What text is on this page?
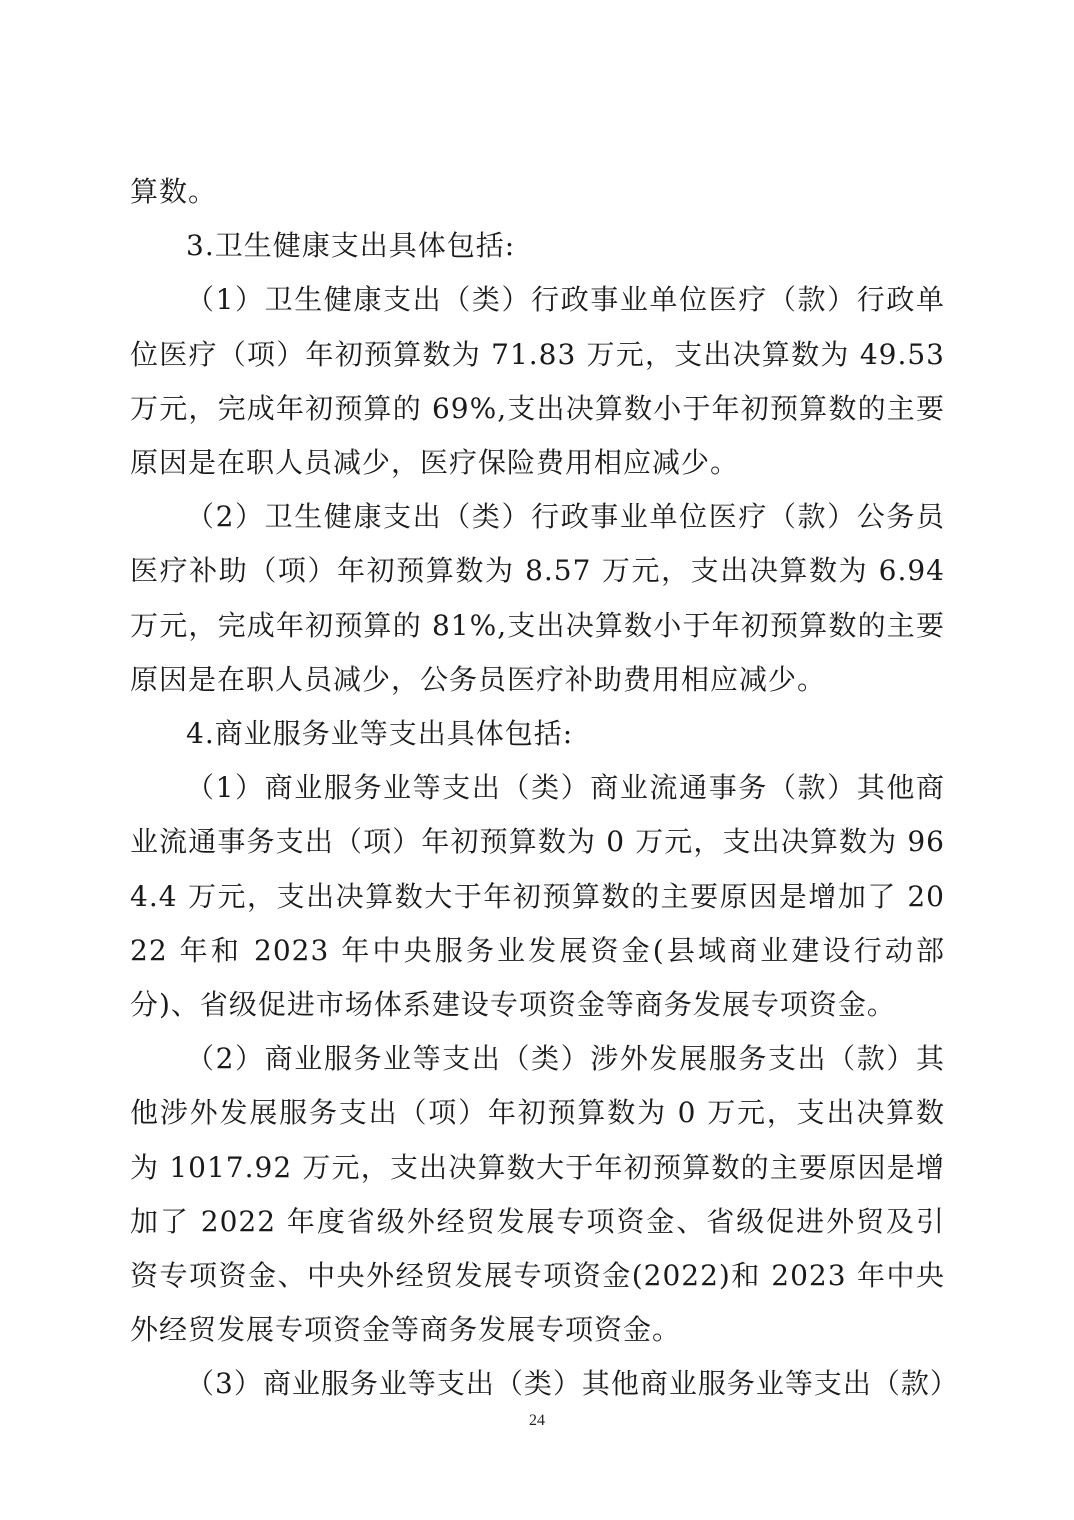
算数。

3.卫生健康支出具体包括:

（1）卫生健康支出（类）行政事业单位医疗（款）行政单位医疗（项）年初预算数为 71.83 万元，支出决算数为 49.53 万元，完成年初预算的 69%,支出决算数小于年初预算数的主要原因是在职人员减少，医疗保险费用相应减少。

（2）卫生健康支出（类）行政事业单位医疗（款）公务员医疗补助（项）年初预算数为 8.57 万元，支出决算数为 6.94 万元，完成年初预算的 81%,支出决算数小于年初预算数的主要原因是在职人员减少，公务员医疗补助费用相应减少。

4.商业服务业等支出具体包括:

（1）商业服务业等支出（类）商业流通事务（款）其他商业流通事务支出（项）年初预算数为 0 万元，支出决算数为 964.4 万元，支出决算数大于年初预算数的主要原因是增加了 2022 年和 2023 年中央服务业发展资金(县域商业建设行动部分)、省级促进市场体系建设专项资金等商务发展专项资金。

（2）商业服务业等支出（类）涉外发展服务支出（款）其他涉外发展服务支出（项）年初预算数为 0 万元，支出决算数为 1017.92 万元，支出决算数大于年初预算数的主要原因是增加了 2022 年度省级外经贸发展专项资金、省级促进外贸及引资专项资金、中央外经贸发展专项资金(2022)和 2023 年中央外经贸发展专项资金等商务发展专项资金。

（3）商业服务业等支出（类）其他商业服务业等支出（款）

24
